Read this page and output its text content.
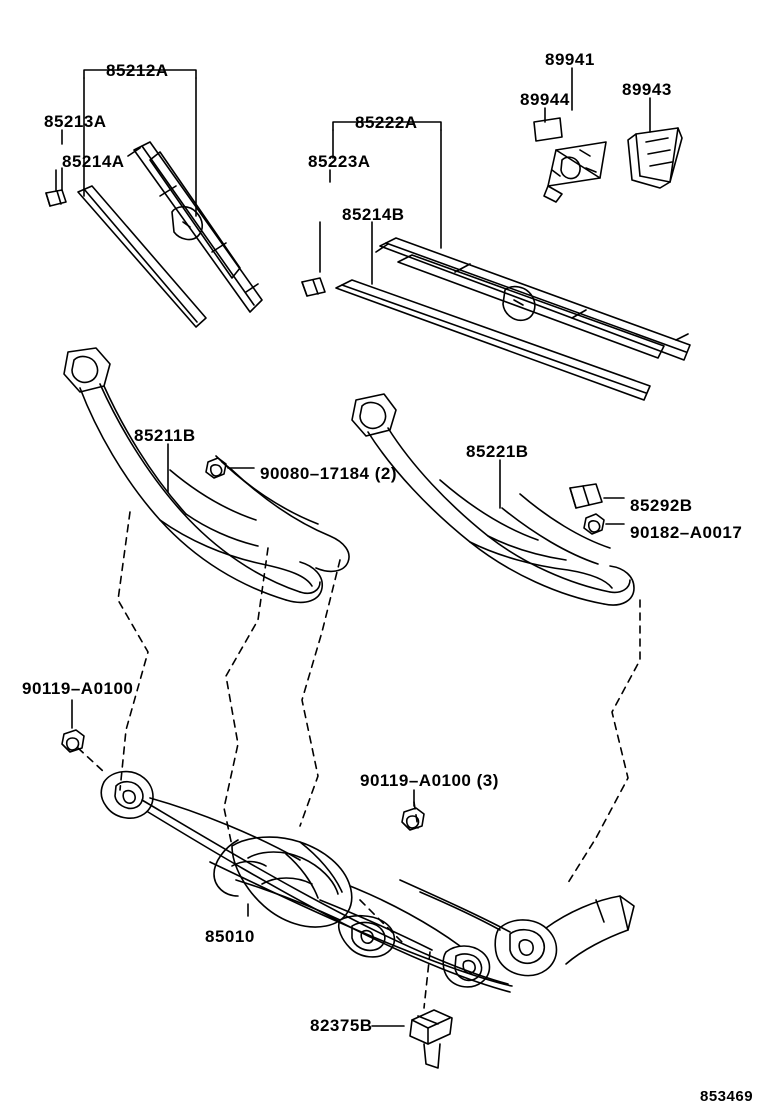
85212A
85213A
85214A
85222A
85223A
85214B
89941
89944
89943
85211B
90080–17184 (2)
85221B
85292B
90182–A0017
90119–A0100
90119–A0100 (3)
85010
82375B
853469
